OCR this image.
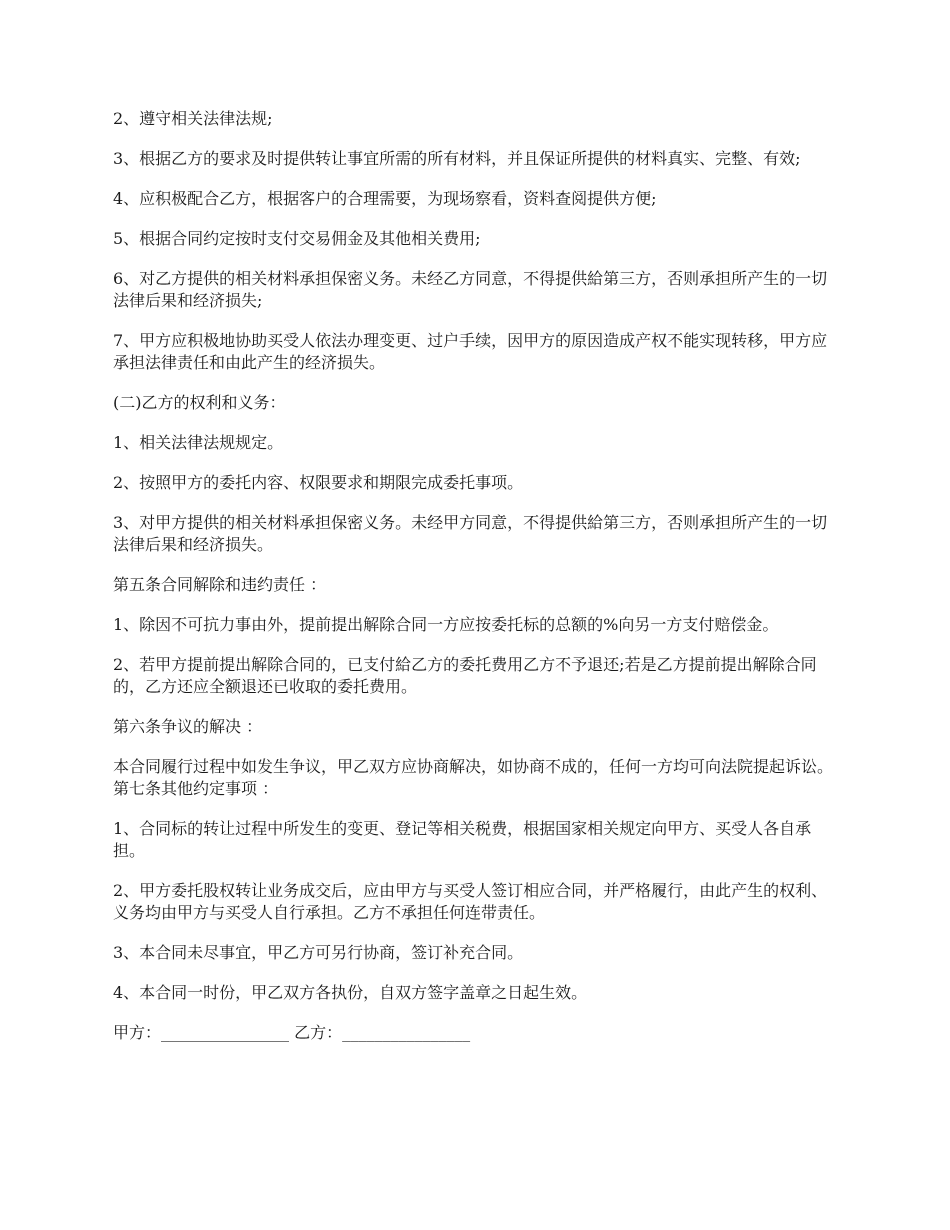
2、遵守相关法律法规;

3、根据乙方的要求及时提供转让事宜所需的所有材料，并且保证所提供的材料真实、完整、有效;

4、应积极配合乙方，根据客户的合理需要，为现场察看，资料查阅提供方便;

5、根据合同约定按时支付交易佣金及其他相关费用;

6、对乙方提供的相关材料承担保密义务。未经乙方同意，不得提供給第三方，否则承担所产生的一切法律后果和经济损失;

7、甲方应积极地协助买受人依法办理变更、过户手续，因甲方的原因造成产权不能实现转移，甲方应承担法律责任和由此产生的经济损失。

(二)乙方的权利和义务：

1、相关法律法规规定。

2、按照甲方的委托内容、权限要求和期限完成委托事项。

3、对甲方提供的相关材料承担保密义务。未经甲方同意，不得提供給第三方，否则承担所产生的一切法律后果和经济损失。

第五条合同解除和违约责任 ：

1、除因不可抗力事由外，提前提出解除合同一方应按委托标的总额的%向另一方支付赔偿金。

2、若甲方提前提出解除合同的，已支付給乙方的委托费用乙方不予退还;若是乙方提前提出解除合同的，乙方还应全额退还已收取的委托费用。

第六条争议的解决 ：

本合同履行过程中如发生争议，甲乙双方应协商解决，如协商不成的，任何一方均可向法院提起诉讼。 第七条其他约定事项 ：

1、合同标的转让过程中所发生的变更、登记等相关税费，根据国家相关规定向甲方、买受人各自承担。

2、甲方委托股权转让业务成交后，应由甲方与买受人签订相应合同，并严格履行，由此产生的权利、义务均由甲方与买受人自行承担。乙方不承担任何连带责任。

3、本合同未尽事宜，甲乙方可另行协商，签订补充合同。

4、本合同一时份，甲乙双方各执份，自双方签字盖章之日起生效。

甲方：________________ 乙方：________________
